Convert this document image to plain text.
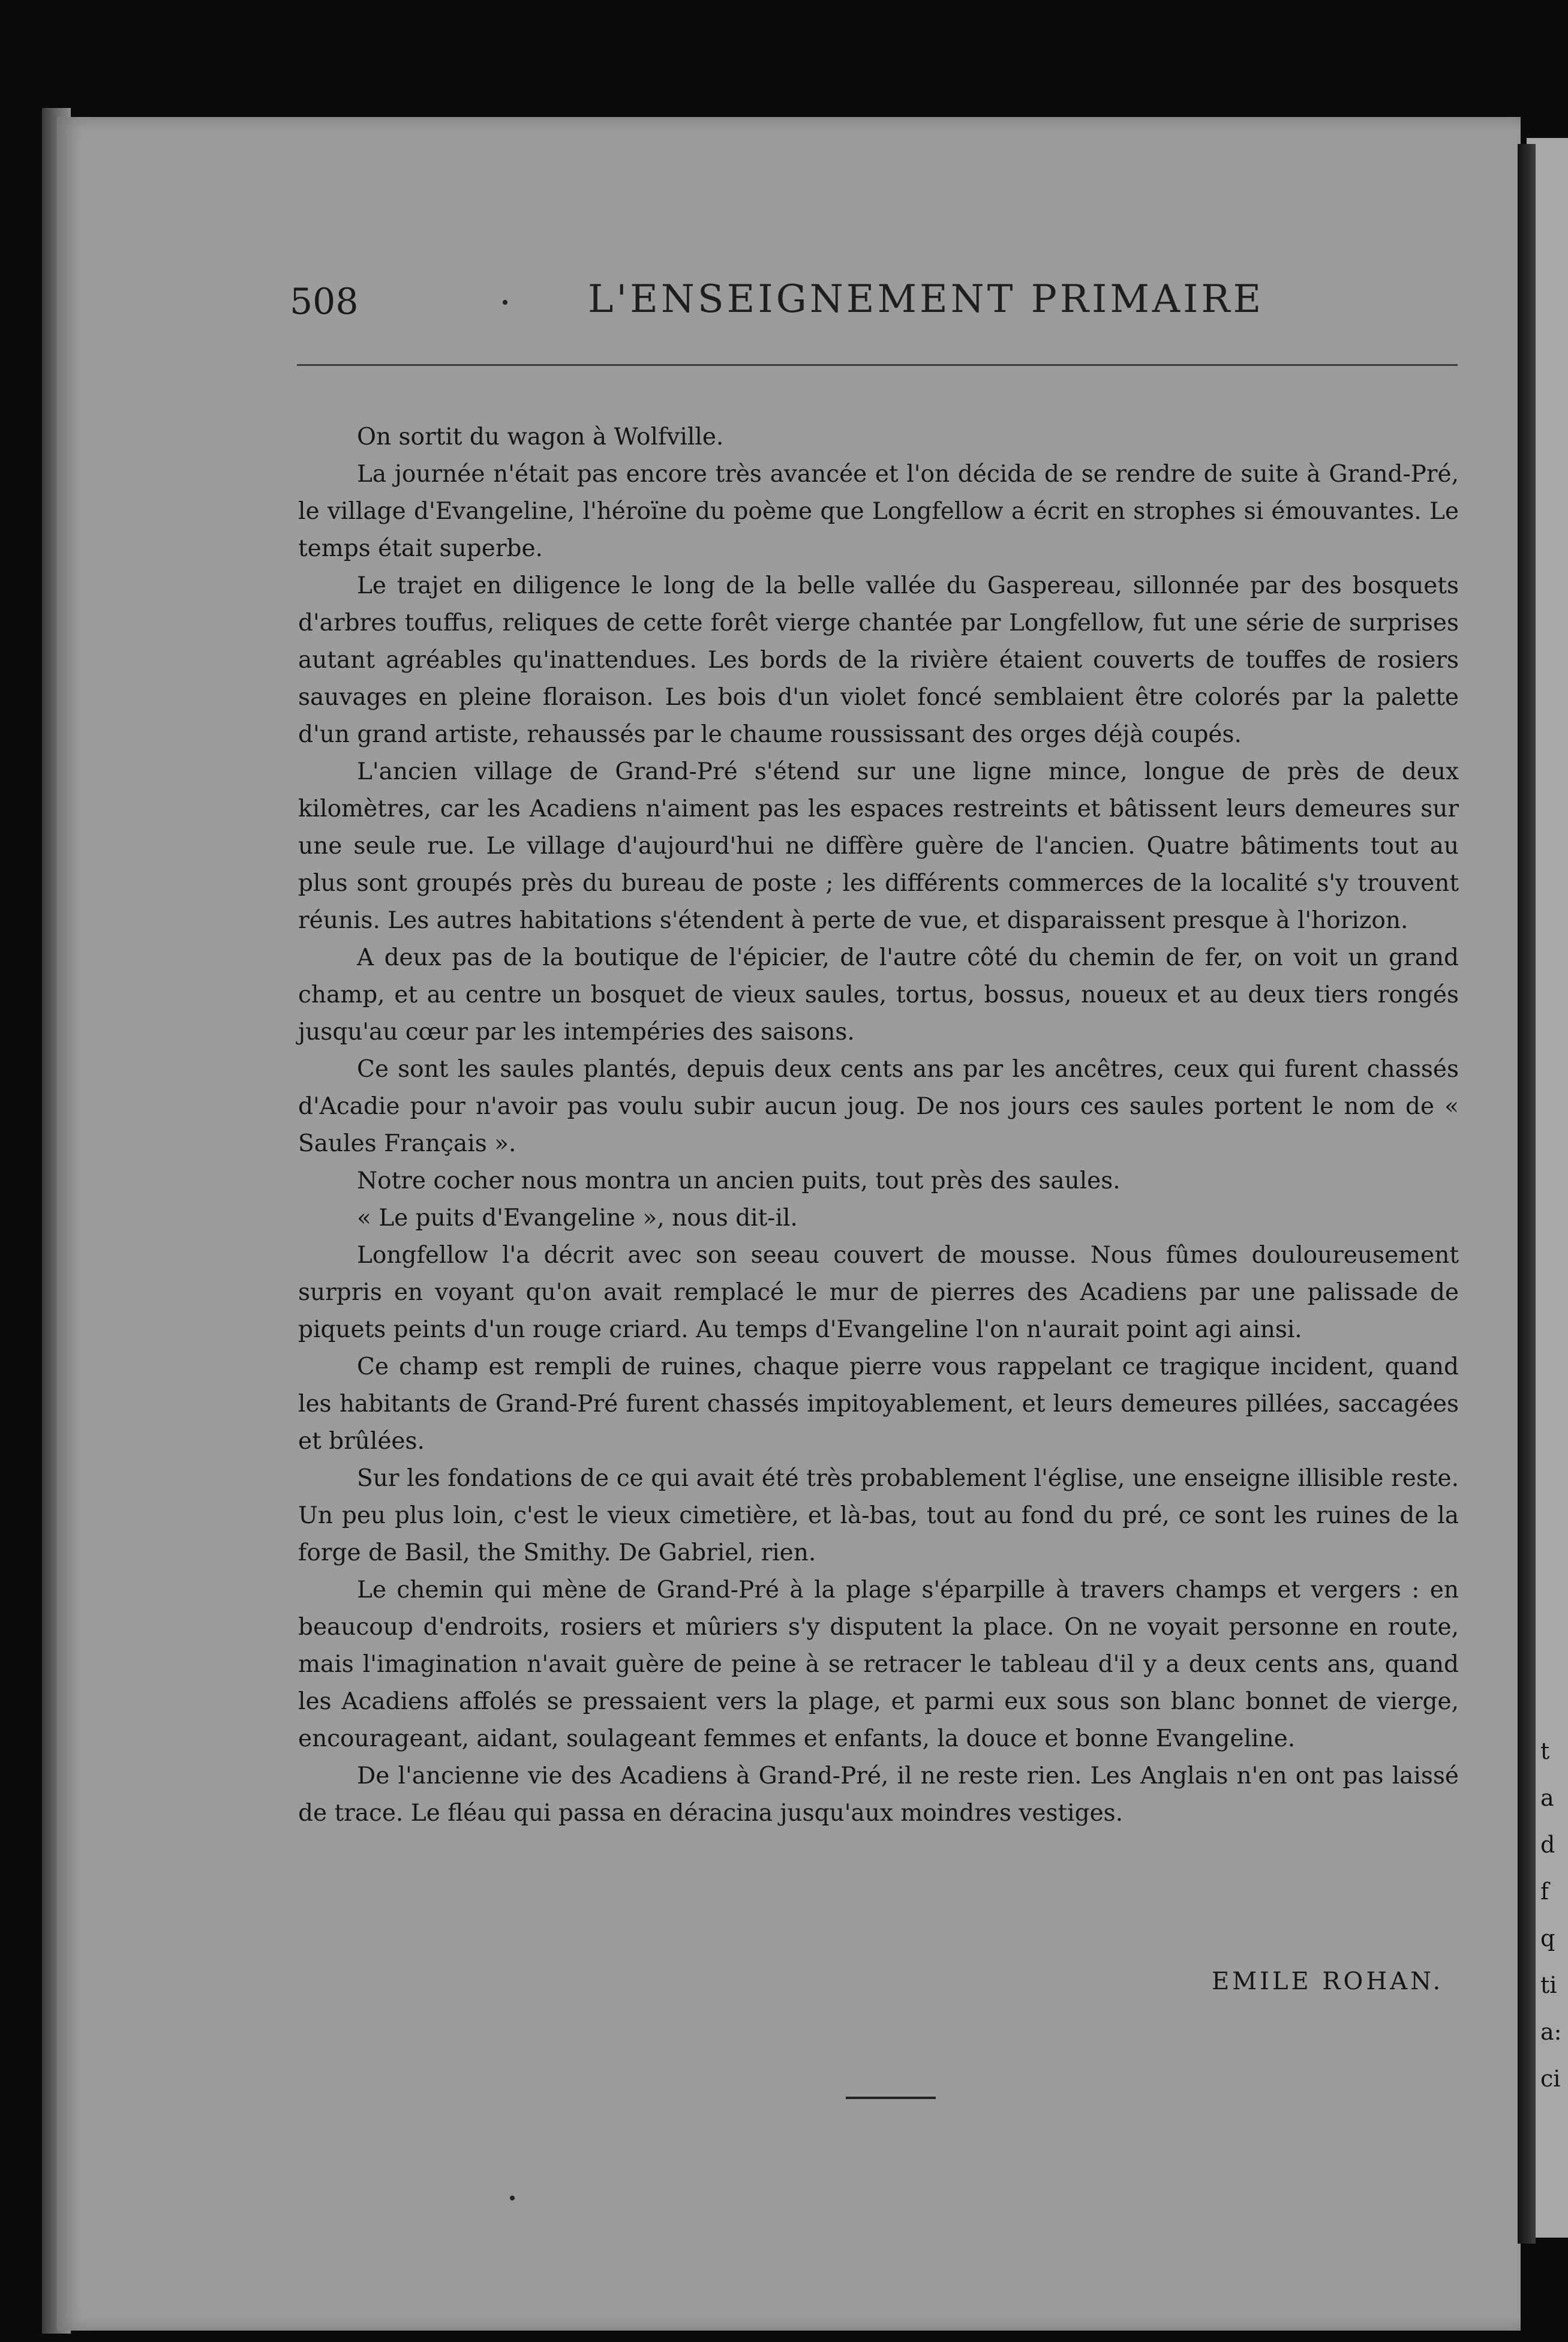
t
a
d
f
q
ti
a:
ci
508	L'ENSEIGNEMENT PRIMAIRE

On sortit du wagon à Wolfville.

La journée n'était pas encore très avancée et l'on décida de se rendre de suite à Grand-Pré, le village d'Evangeline, l'héroïne du poème que Longfellow a écrit en strophes si émouvantes. Le temps était superbe.

Le trajet en diligence le long de la belle vallée du Gaspereau, sillonnée par des bosquets d'arbres touffus, reliques de cette forêt vierge chantée par Longfellow, fut une série de surprises autant agréables qu'inattendues. Les bords de la rivière étaient couverts de touffes de rosiers sauvages en pleine floraison. Les bois d'un violet foncé semblaient être colorés par la palette d'un grand artiste, rehaussés par le chaume roussissant des orges déjà coupés.

L'ancien village de Grand-Pré s'étend sur une ligne mince, longue de près de deux kilomètres, car les Acadiens n'aiment pas les espaces restreints et bâtissent leurs demeures sur une seule rue. Le village d'aujourd'hui ne diffère guère de l'ancien. Quatre bâtiments tout au plus sont groupés près du bureau de poste ; les différents commerces de la localité s'y trouvent réunis. Les autres habitations s'étendent à perte de vue, et disparaissent presque à l'horizon.

A deux pas de la boutique de l'épicier, de l'autre côté du chemin de fer, on voit un grand champ, et au centre un bosquet de vieux saules, tortus, bossus, noueux et au deux tiers rongés jusqu'au cœur par les intempéries des saisons.

Ce sont les saules plantés, depuis deux cents ans par les ancêtres, ceux qui furent chassés d'Acadie pour n'avoir pas voulu subir aucun joug. De nos jours ces saules portent le nom de « Saules Français ».

Notre cocher nous montra un ancien puits, tout près des saules.

« Le puits d'Evangeline », nous dit-il.

Longfellow l'a décrit avec son seeau couvert de mousse. Nous fûmes douloureusement surpris en voyant qu'on avait remplacé le mur de pierres des Acadiens par une palissade de piquets peints d'un rouge criard. Au temps d'Evangeline l'on n'aurait point agi ainsi.

Ce champ est rempli de ruines, chaque pierre vous rappelant ce tragique incident, quand les habitants de Grand-Pré furent chassés impitoyablement, et leurs demeures pillées, saccagées et brûlées.

Sur les fondations de ce qui avait été très probablement l'église, une enseigne illisible reste. Un peu plus loin, c'est le vieux cimetière, et là-bas, tout au fond du pré, ce sont les ruines de la forge de Basil, the Smithy. De Gabriel, rien.

Le chemin qui mène de Grand-Pré à la plage s'éparpille à travers champs et vergers : en beaucoup d'endroits, rosiers et mûriers s'y disputent la place. On ne voyait personne en route, mais l'imagination n'avait guère de peine à se retracer le tableau d'il y a deux cents ans, quand les Acadiens affolés se pressaient vers la plage, et parmi eux sous son blanc bonnet de vierge, encourageant, aidant, soulageant femmes et enfants, la douce et bonne Evangeline.

De l'ancienne vie des Acadiens à Grand-Pré, il ne reste rien. Les Anglais n'en ont pas laissé de trace. Le fléau qui passa en déracina jusqu'aux moindres vestiges.

EMILE ROHAN.
